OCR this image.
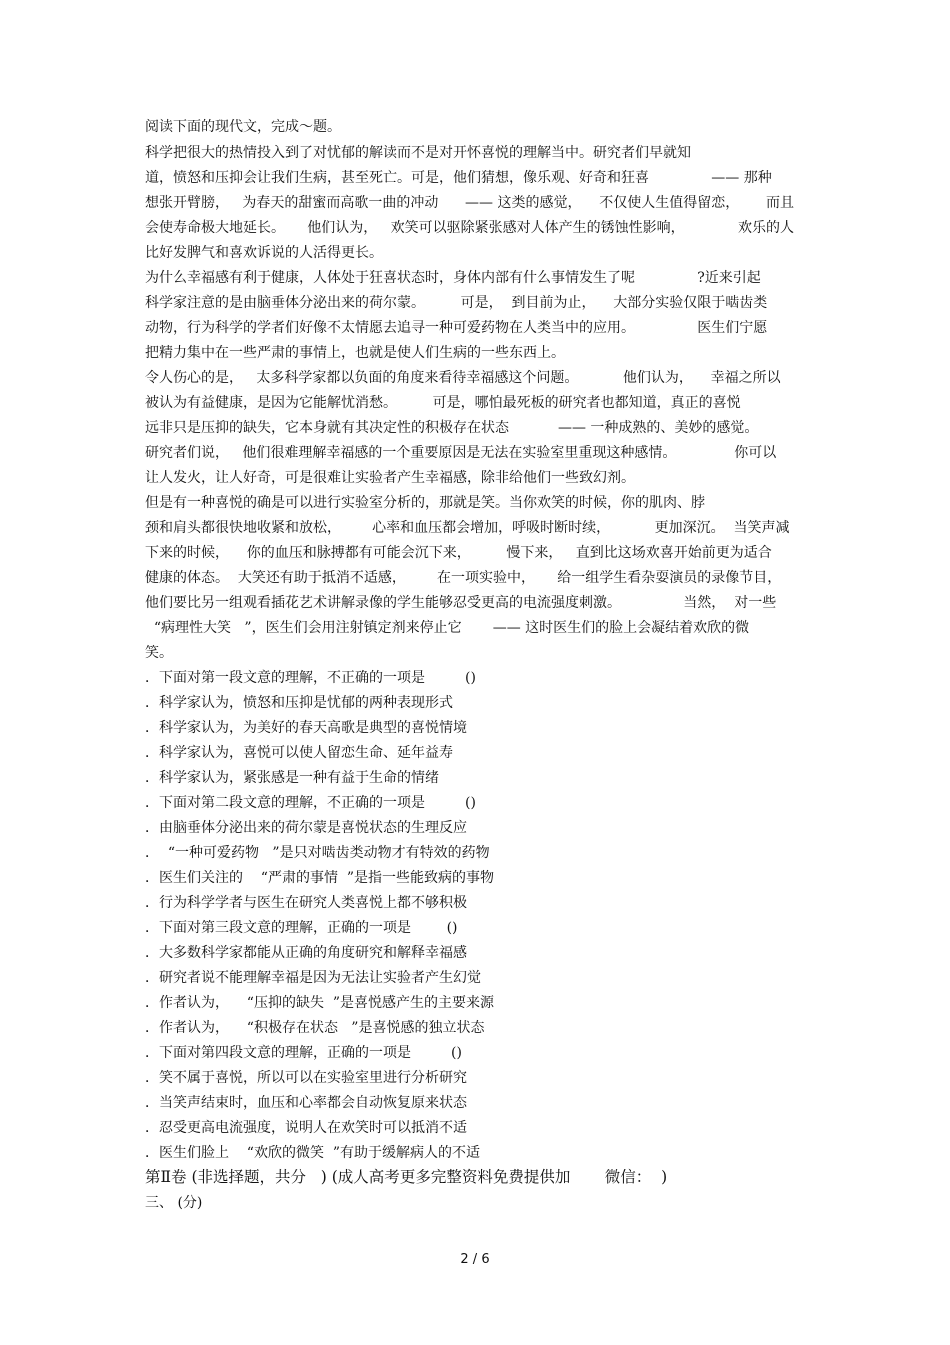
阅读下面的现代文，完成～题。
科学把很大的热情投入到了对忧郁的解读而不是对开怀喜悦的理解当中。研究者们早就知
道，愤怒和压抑会让我们生病，甚至死亡。可是，他们猜想，像乐观、好奇和狂喜              —— 那种
想张开臂膀，   为春天的甜蜜而高歌一曲的冲动      —— 这类的感觉，    不仅使人生值得留恋，      而且
会使寿命极大地延长。     他们认为，   欢笑可以驱除紧张感对人体产生的锈蚀性影响，            欢乐的人
比好发脾气和喜欢诉说的人活得更长。
为什么幸福感有利于健康，人体处于狂喜状态时，身体内部有什么事情发生了呢              ?近来引起
科学家注意的是由脑垂体分泌出来的荷尔蒙。        可是，  到目前为止，    大部分实验仅限于啮齿类
动物，行为科学的学者们好像不太情愿去追寻一种可爱药物在人类当中的应用。              医生们宁愿
把精力集中在一些严肃的事情上，也就是使人们生病的一些东西上。
令人伤心的是，   太多科学家都以负面的角度来看待幸福感这个问题。          他们认为，    幸福之所以
被认为有益健康，是因为它能解忧消愁。        可是，哪怕最死板的研究者也都知道，真正的喜悦
远非只是压抑的缺失，它本身就有其决定性的积极存在状态           —— 一种成熟的、美妙的感觉。
研究者们说，   他们很难理解幸福感的一个重要原因是无法在实验室里重现这种感情。             你可以
让人发火，让人好奇，可是很难让实验者产生幸福感，除非给他们一些致幻剂。
但是有一种喜悦的确是可以进行实验室分析的，那就是笑。当你欢笑的时候，你的肌肉、脖
颈和肩头都很快地收紧和放松，       心率和血压都会增加，呼吸时断时续，          更加深沉。  当笑声减
下来的时候，    你的血压和脉搏都有可能会沉下来，        慢下来，   直到比这场欢喜开始前更为适合
健康的体态。  大笑还有助于抵消不适感，       在一项实验中，     给一组学生看杂耍演员的录像节目，
他们要比另一组观看插花艺术讲解录像的学生能够忍受更高的电流强度刺激。              当然，  对一些
“病理性大笑   ”，医生们会用注射镇定剂来停止它       —— 这时医生们的脸上会凝结着欢欣的微
笑。
．下面对第一段文意的理解，不正确的一项是         ()
．科学家认为，愤怒和压抑是忧郁的两种表现形式
．科学家认为，为美好的春天高歌是典型的喜悦情境
．科学家认为，喜悦可以使人留恋生命、延年益寿
．科学家认为，紧张感是一种有益于生命的情绪
．下面对第二段文意的理解，不正确的一项是         ()
．由脑垂体分泌出来的荷尔蒙是喜悦状态的生理反应
．  “一种可爱药物   ”是只对啮齿类动物才有特效的药物
．医生们关注的    “严肃的事情  ”是指一些能致病的事物
．行为科学学者与医生在研究人类喜悦上都不够积极
．下面对第三段文意的理解，正确的一项是        ()
．大多数科学家都能从正确的角度研究和解释幸福感
．研究者说不能理解幸福是因为无法让实验者产生幻觉
．作者认为，    “压抑的缺失  ”是喜悦感产生的主要来源
．作者认为，    “积极存在状态   ”是喜悦感的独立状态
．下面对第四段文意的理解，正确的一项是         ()
．笑不属于喜悦，所以可以在实验室里进行分析研究
．当笑声结束时，血压和心率都会自动恢复原来状态
．忍受更高电流强度，说明人在欢笑时可以抵消不适
．医生们脸上    “欢欣的微笑  ”有助于缓解病人的不适
第Ⅱ卷 (非选择题，共分   ) (成人高考更多完整资料免费提供加       微信：  )
三、 (分)
2 / 6
